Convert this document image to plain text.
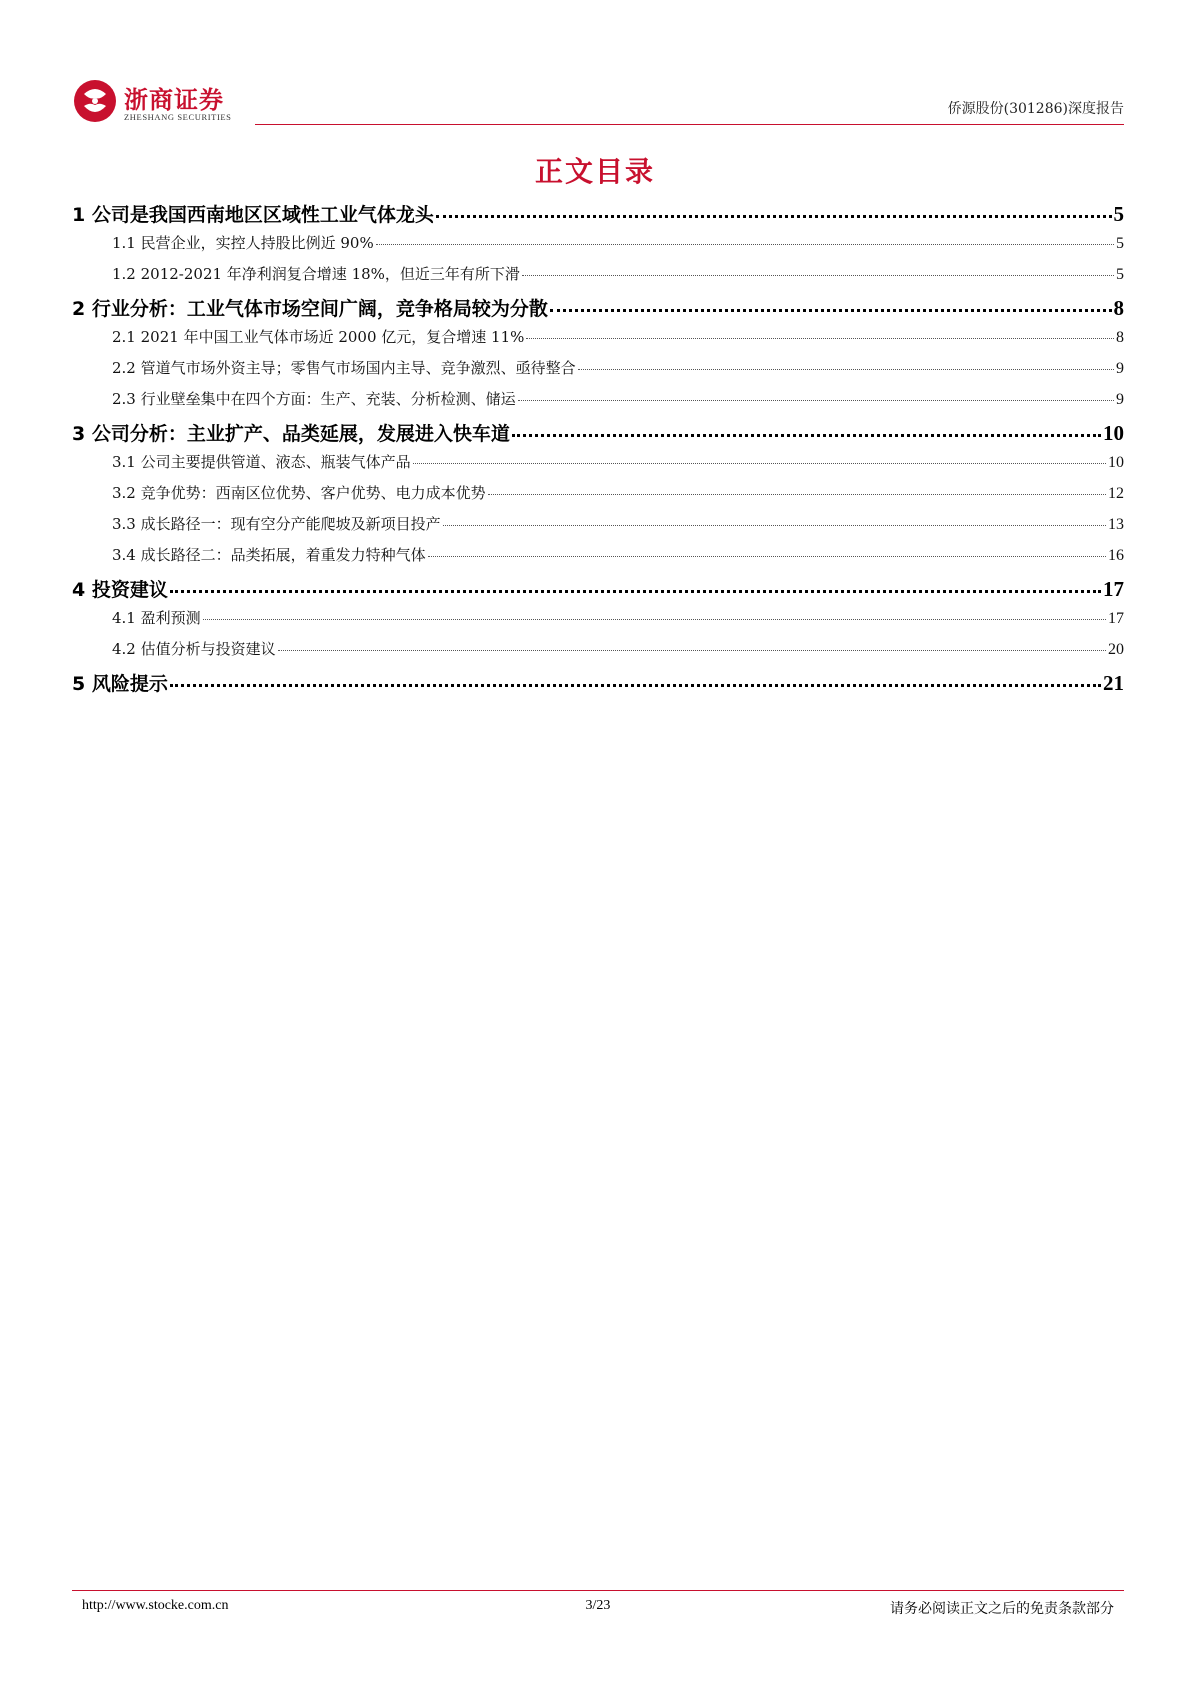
浙商证券
ZHESHANG SECURITIES	侨源股份(301286)深度报告
正文目录
1 公司是我国西南地区区域性工业气体龙头	5
1.1 民营企业，实控人持股比例近 90%	5
1.2 2012-2021 年净利润复合增速 18%，但近三年有所下滑	5
2 行业分析：工业气体市场空间广阔，竞争格局较为分散	8
2.1 2021 年中国工业气体市场近 2000 亿元，复合增速 11%	8
2.2 管道气市场外资主导；零售气市场国内主导、竞争激烈、亟待整合	9
2.3 行业壁垒集中在四个方面：生产、充装、分析检测、储运	9
3 公司分析：主业扩产、品类延展，发展进入快车道	10
3.1 公司主要提供管道、液态、瓶装气体产品	10
3.2 竞争优势：西南区位优势、客户优势、电力成本优势	12
3.3 成长路径一：现有空分产能爬坡及新项目投产	13
3.4 成长路径二：品类拓展，着重发力特种气体	16
4 投资建议	17
4.1 盈利预测	17
4.2 估值分析与投资建议	20
5 风险提示	21
http://www.stocke.com.cn	3/23	请务必阅读正文之后的免责条款部分
